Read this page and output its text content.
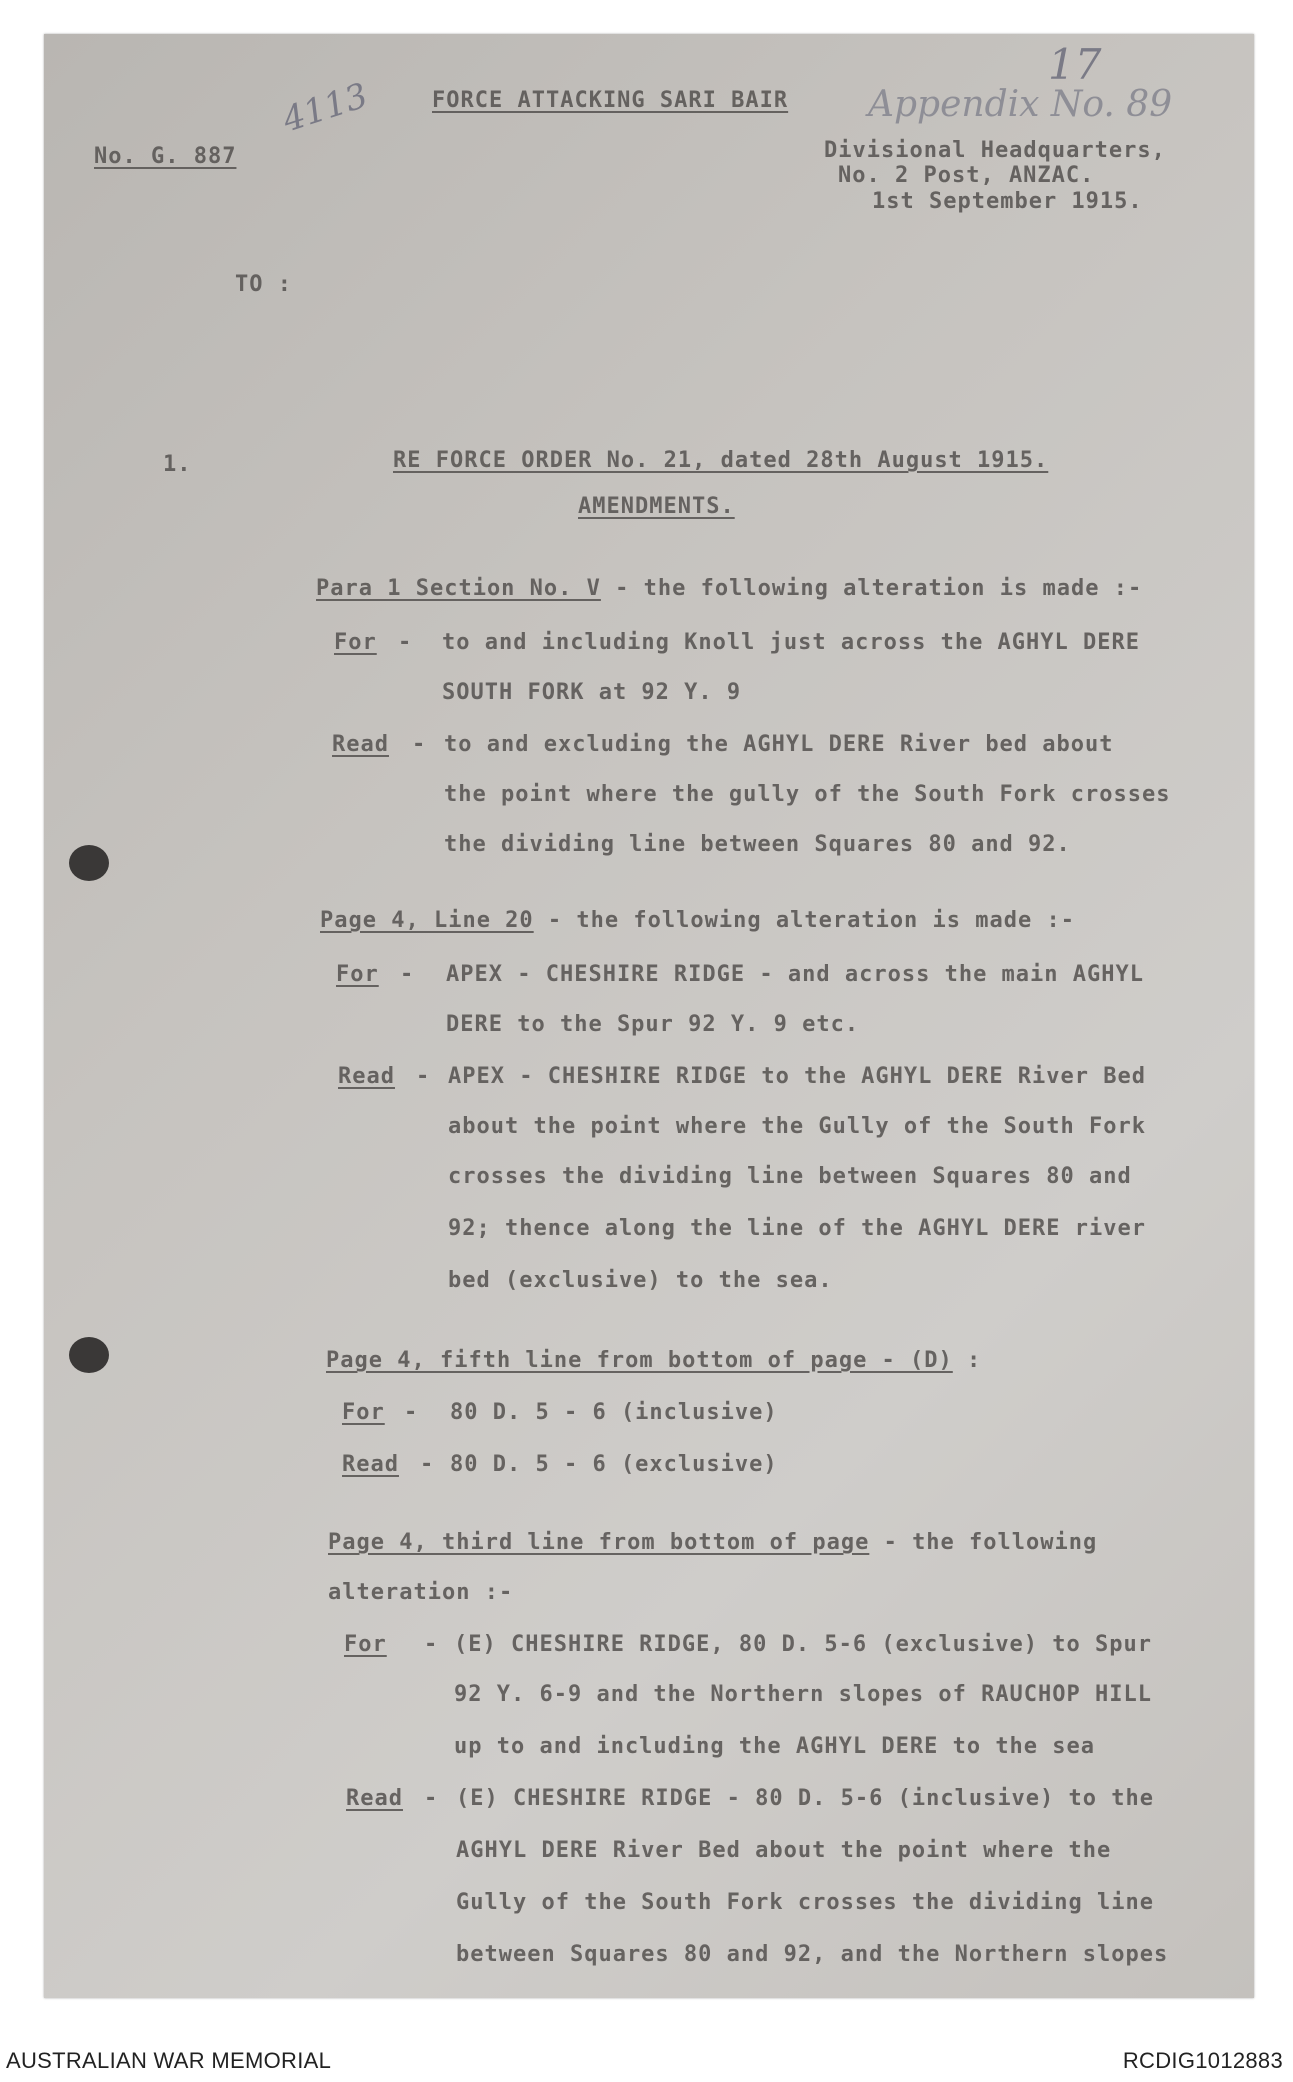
4113
17
Appendix No. 89
No. G. 887
FORCE ATTACKING SARI BAIR
Divisional Headquarters,
No. 2 Post, ANZAC.
1st September 1915.
TO :
1.	RE FORCE ORDER No. 21, dated 28th August 1915.
AMENDMENTS.
Para 1 Section No. V - the following alteration is made :-
For - to and including Knoll just across the AGHYL DERE
SOUTH FORK at 92 Y. 9
Read - to and excluding the AGHYL DERE River bed about
the point where the gully of the South Fork crosses
the dividing line between Squares 80 and 92.
Page 4, Line 20 - the following alteration is made :-
For - APEX - CHESHIRE RIDGE - and across the main AGHYL
DERE to the Spur 92 Y. 9 etc.
Read - APEX - CHESHIRE RIDGE to the AGHYL DERE River Bed
about the point where the Gully of the South Fork
crosses the dividing line between Squares 80 and
92; thence along the line of the AGHYL DERE river
bed (exclusive) to the sea.
Page 4, fifth line from bottom of page - (D) :
For - 80 D. 5 - 6 (inclusive)
Read - 80 D. 5 - 6 (exclusive)
Page 4, third line from bottom of page - the following
alteration :-
For - (E) CHESHIRE RIDGE, 80 D. 5-6 (exclusive) to Spur
92 Y. 6-9 and the Northern slopes of RAUCHOP HILL
up to and including the AGHYL DERE to the sea
Read - (E) CHESHIRE RIDGE - 80 D. 5-6 (inclusive) to the
AGHYL DERE River Bed about the point where the
Gully of the South Fork crosses the dividing line
between Squares 80 and 92, and the Northern slopes
AUSTRALIAN WAR MEMORIAL	RCDIG1012883
